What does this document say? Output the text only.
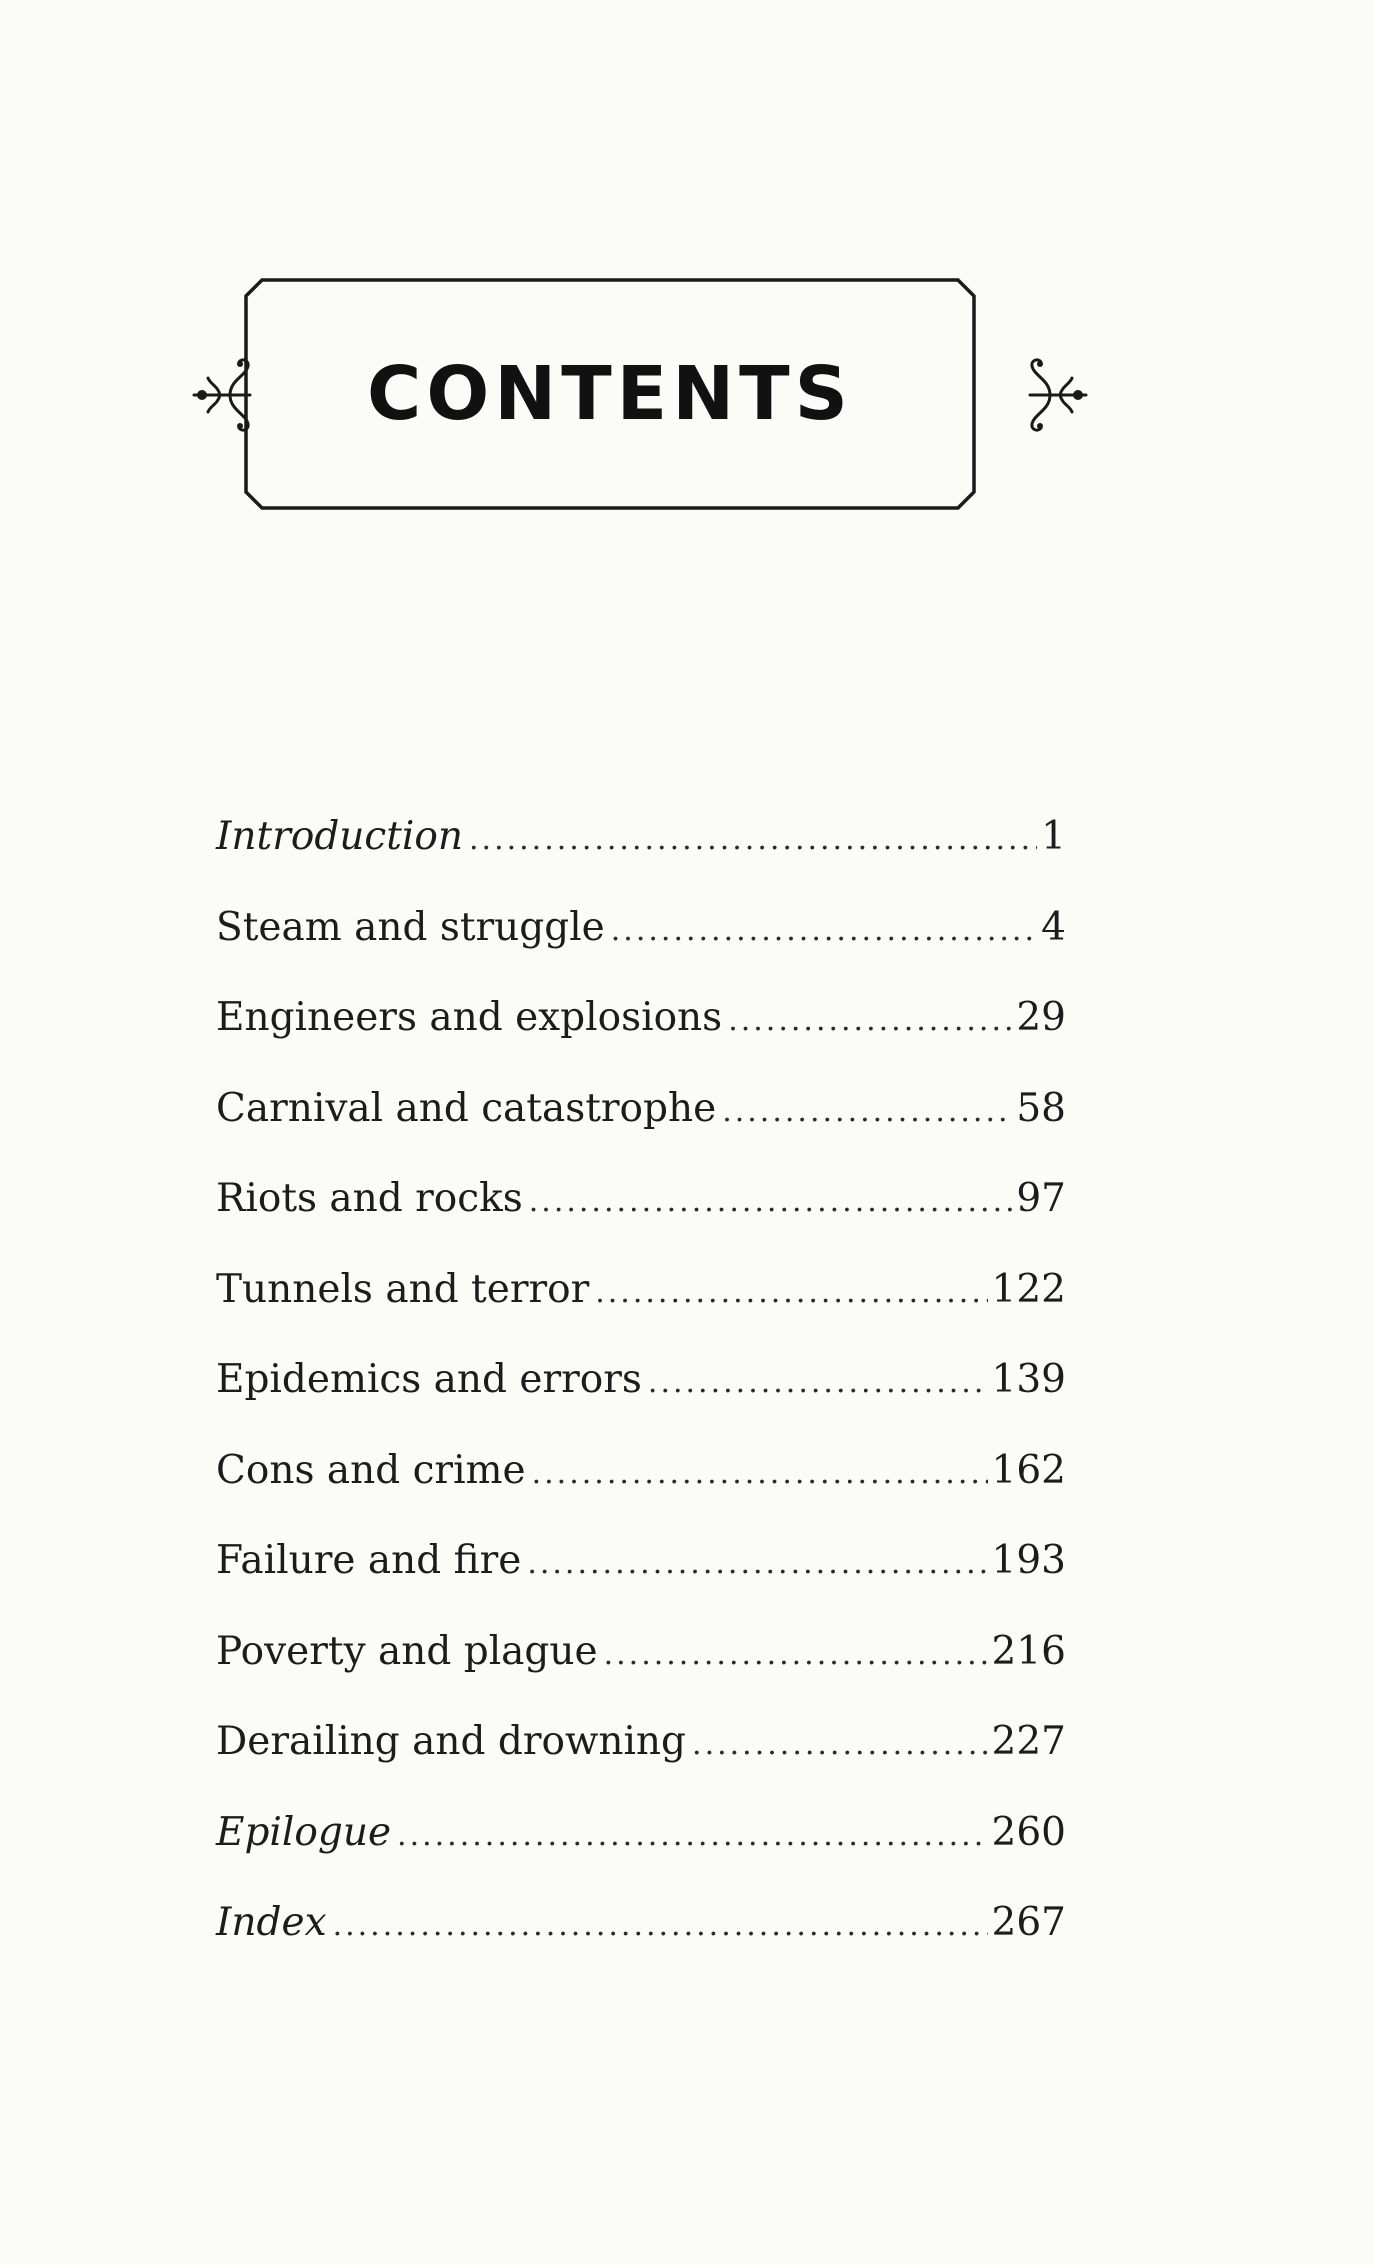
CONTENTS
Introduction .....	1
Steam and struggle .....	4
Engineers and explosions .....	29
Carnival and catastrophe .....	58
Riots and rocks .....	97
Tunnels and terror .....	122
Epidemics and errors .....	139
Cons and crime .....	162
Failure and fire .....	193
Poverty and plague .....	216
Derailing and drowning .....	227
Epilogue .....	260
Index .....	267
